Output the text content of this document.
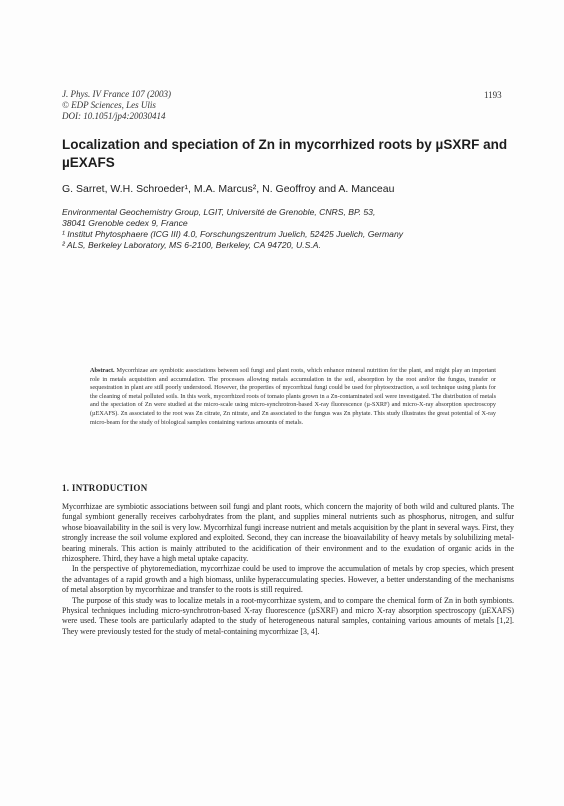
J. Phys. IV France 107 (2003)
© EDP Sciences, Les Ulis
DOI: 10.1051/jp4:20030414
1193
Localization and speciation of Zn in mycorrhized roots by µSXRF and µEXAFS
G. Sarret, W.H. Schroeder¹, M.A. Marcus², N. Geoffroy and A. Manceau
Environmental Geochemistry Group, LGIT, Université de Grenoble, CNRS, BP. 53,
38041 Grenoble cedex 9, France
¹ Institut Phytosphaere (ICG III) 4.0, Forschungszentrum Juelich, 52425 Juelich, Germany
² ALS, Berkeley Laboratory, MS 6-2100, Berkeley, CA 94720, U.S.A.
Abstract. Mycorrhizae are symbiotic associations between soil fungi and plant roots, which enhance mineral nutrition for the plant, and might play an important role in metals acquisition and accumulation. The processes allowing metals accumulation in the soil, absorption by the root and/or the fungus, transfer or sequestration in plant are still poorly understood. However, the properties of mycorrhizal fungi could be used for phytoextraction, a soil technique using plants for the cleaning of metal polluted soils. In this work, mycorrhized roots of tomato plants grown in a Zn-contaminated soil were investigated. The distribution of metals and the speciation of Zn were studied at the micro-scale using micro-synchrotron-based X-ray fluorescence (µ-SXRF) and micro-X-ray absorption spectroscopy (µEXAFS). Zn associated to the root was Zn citrate, Zn nitrate, and Zn associated to the fungus was Zn phytate. This study illustrates the great potential of X-ray micro-beam for the study of biological samples containing various amounts of metals.
1. INTRODUCTION

Mycorrhizae are symbiotic associations between soil fungi and plant roots, which concern the majority of both wild and cultured plants. The fungal symbiont generally receives carbohydrates from the plant, and supplies mineral nutrients such as phosphorus, nitrogen, and sulfur whose bioavailability in the soil is very low. Mycorrhizal fungi increase nutrient and metals acquisition by the plant in several ways. First, they strongly increase the soil volume explored and exploited. Second, they can increase the bioavailability of heavy metals by solubilizing metal-bearing minerals. This action is mainly attributed to the acidification of their environment and to the exudation of organic acids in the rhizosphere. Third, they have a high metal uptake capacity.

In the perspective of phytoremediation, mycorrhizae could be used to improve the accumulation of metals by crop species, which present the advantages of a rapid growth and a high biomass, unlike hyperaccumulating species. However, a better understanding of the mechanisms of metal absorption by mycorrhizae and transfer to the roots is still required.

The purpose of this study was to localize metals in a root-mycorrhizae system, and to compare the chemical form of Zn in both symbionts. Physical techniques including micro-synchrotron-based X-ray fluorescence (µSXRF) and micro X-ray absorption spectroscopy (µEXAFS) were used. These tools are particularly adapted to the study of heterogeneous natural samples, containing various amounts of metals [1,2]. They were previously tested for the study of metal-containing mycorrhizae [3, 4].
